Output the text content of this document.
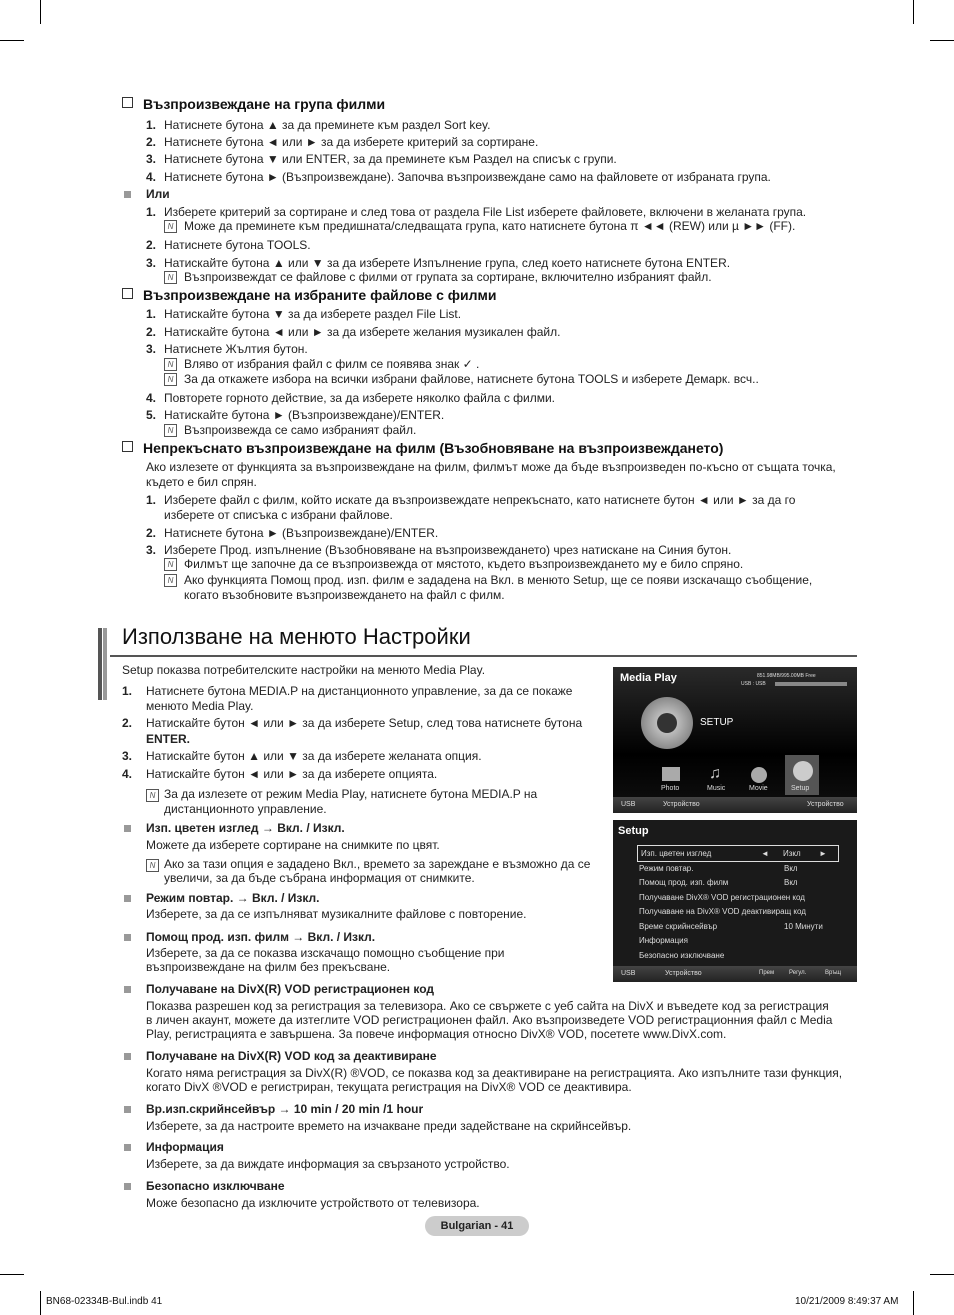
Възпроизвеждане на група филми
1. Натиснете бутона ▲ за да преминете към раздел Sort key.
2. Натиснете бутона ◄ или ► за да изберете критерий за сортиране.
3. Натиснете бутона ▼ или ENTER, за да преминете към Раздел на списък с групи.
4. Натиснете бутона ► (Възпроизвеждане). Започва възпроизвеждане само на файловете от избраната група.
Или
1. Изберете критерий за сортиране и след това от раздела File List изберете файловете, включени в желаната група.
N Може да преминете към предишната/следващата група, като натиснете бутона π ◄◄ (REW) или µ ►► (FF).
2. Натиснете бутона TOOLS.
3. Натискайте бутона ▲ или ▼ за да изберете Изпълнение група, след което натиснете бутона ENTER.
N Възпроизвеждат се файлове с филми от групата за сортиране, включително избраният файл.
Възпроизвеждане на избраните файлове с филми
1. Натискайте бутона ▼ за да изберете раздел File List.
2. Натискайте бутона ◄ или ► за да изберете желания музикален файл.
3. Натиснете Жълтия бутон.
N Вляво от избрания файл с филм се появява знак ✓ .
N За да откажете избора на всички избрани файлове, натиснете бутона TOOLS и изберете Демарк. всч..
4. Повторете горното действие, за да изберете няколко файла с филми.
5. Натискайте бутона ► (Възпроизвеждане)/ENTER.
N Възпроизвежда се само избраният файл.
Непрекъснато възпроизвеждане на филм (Възобновяване на възпроизвеждането)
Ако излезете от функцията за възпроизвеждане на филм, филмът може да бъде възпроизведен по-късно от същата точка,
където е бил спрян.
1. Изберете файл с филм, който искате да възпроизвеждате непрекъснато, като натиснете бутон ◄ или ► за да го
изберете от списъка с избрани файлове.
2. Натиснете бутона ► (Възпроизвеждане)/ENTER.
3. Изберете Прод. изпълнение (Възобновяване на възпроизвеждането) чрез натискане на Синия бутон.
N Филмът ще започне да се възпроизвежда от мястото, където възпроизвеждането му е било спряно.
N Ако функцията Помощ прод. изп. филм е зададена на Вкл. в менюто Setup, ще се появи изскачащо съобщение,
когато възобновите възпроизвеждането на файл с филм.
Използване на менюто Настройки
Setup показва потребителските настройки на менюто Media Play.
1. Натиснете бутона MEDIA.P на дистанционното управление, за да се покаже
менюто Media Play.
2. Натискайте бутон ◄ или ► за да изберете Setup, след това натиснете бутона
ENTER.
3. Натискайте бутон ▲ или ▼ за да изберете желаната опция.
4. Натискайте бутон ◄ или ► за да изберете опцията.
N За да излезете от режим Media Play, натиснете бутона MEDIA.P на
дистанционното управление.
Изп. цветен изглед → Вкл. / Изкл.
Можете да изберете сортиране на снимките по цвят.
N Ако за тази опция е зададено Вкл., времето за зареждане е възможно да се
увеличи, за да бъде събрана информация от снимките.
Режим повтар. → Вкл. / Изкл.
Изберете, за да се изпълняват музикалните файлове с повторение.
Помощ прод. изп. филм → Вкл. / Изкл.
Изберете, за да се показва изскачащо помощно съобщение при
възпроизвеждане на филм без прекъсване.
Получаване на DivX(R) VOD регистрационен код
Показва разрешен код за регистрация за телевизора. Ако се свържете с уеб сайта на DivX и въведете код за регистрация
в личен акаунт, можете да изтеглите VOD регистрационен файл. Ако възпроизведете VOD регистрационния файл с Media
Play, регистрацията е завършена. За повече информация относно DivX® VOD, посетете www.DivX.com.
Получаване на DivX(R) VOD код за деактивиране
Когато няма регистрация за DivX(R) ®VOD, се показва код за деактивиране на регистрацията. Ако изпълните тази функция,
когато DivX ®VOD е регистриран, текущата регистрация на DivX® VOD се деактивира.
Вр.изп.скрийнсейвър → 10 min / 20 min /1 hour
Изберете, за да настроите времето на изчакване преди задействане на скрийнсейвър.
Информация
Изберете, за да виждате информация за свързаното устройство.
Безопасно изключване
Може безопасно да изключите устройството от телевизора.
Media Play	851.98MB/995.00MB Free
USB : USB
SETUP
Photo	Music	Movie	Setup
♫
USB	Устройство	Устройство
Setup
Изп. цветен изглед	◄ Изкл ►
Режим повтар.	Вкл
Помощ прод. изп. филм	Вкл
Получаване DivX® VOD регистрационен код
Получаване на DivX® VOD деактивиращ код
Време скрийнсейвър	10 Минути
Информация
Безопасно изключване
USB	Устройство	Прем Регул.	Връщ
Bulgarian - 41
BN68-02334B-Bul.indb 41	10/21/2009 8:49:37 AM
